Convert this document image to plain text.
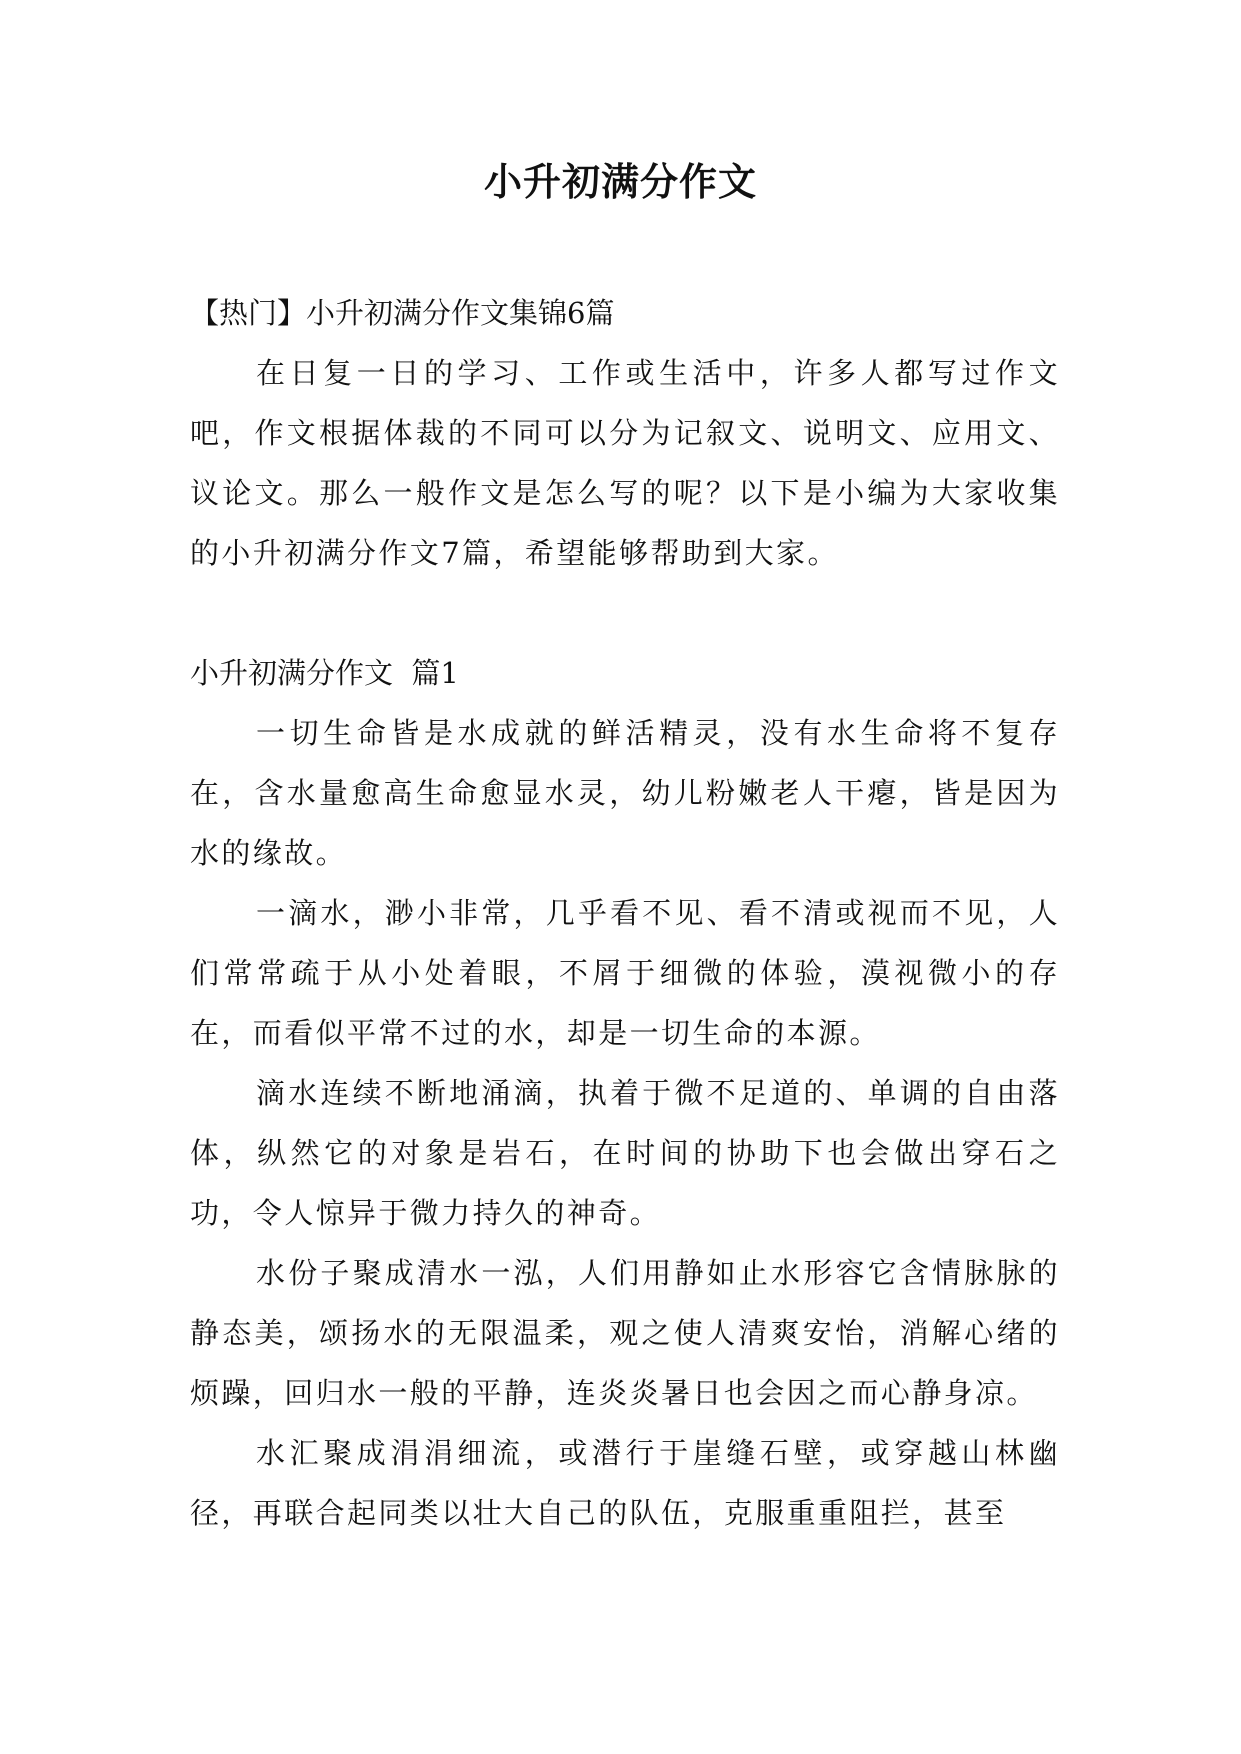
小升初满分作文

【热门】小升初满分作文集锦6篇

在日复一日的学习、工作或生活中，许多人都写过作文吧，作文根据体裁的不同可以分为记叙文、说明文、应用文、议论文。那么一般作文是怎么写的呢？以下是小编为大家收集的小升初满分作文7篇，希望能够帮助到大家。

小升初满分作文  篇1

一切生命皆是水成就的鲜活精灵，没有水生命将不复存在，含水量愈高生命愈显水灵，幼儿粉嫩老人干瘪，皆是因为水的缘故。

一滴水，渺小非常，几乎看不见、看不清或视而不见，人们常常疏于从小处着眼，不屑于细微的体验，漠视微小的存在，而看似平常不过的水，却是一切生命的本源。

滴水连续不断地涌滴，执着于微不足道的、单调的自由落体，纵然它的对象是岩石，在时间的协助下也会做出穿石之功，令人惊异于微力持久的神奇。

水份子聚成清水一泓，人们用静如止水形容它含情脉脉的静态美，颂扬水的无限温柔，观之使人清爽安怡，消解心绪的烦躁，回归水一般的平静，连炎炎暑日也会因之而心静身凉。

水汇聚成涓涓细流，或潜行于崖缝石壁，或穿越山林幽径，再联合起同类以壮大自己的队伍，克服重重阻拦，甚至
